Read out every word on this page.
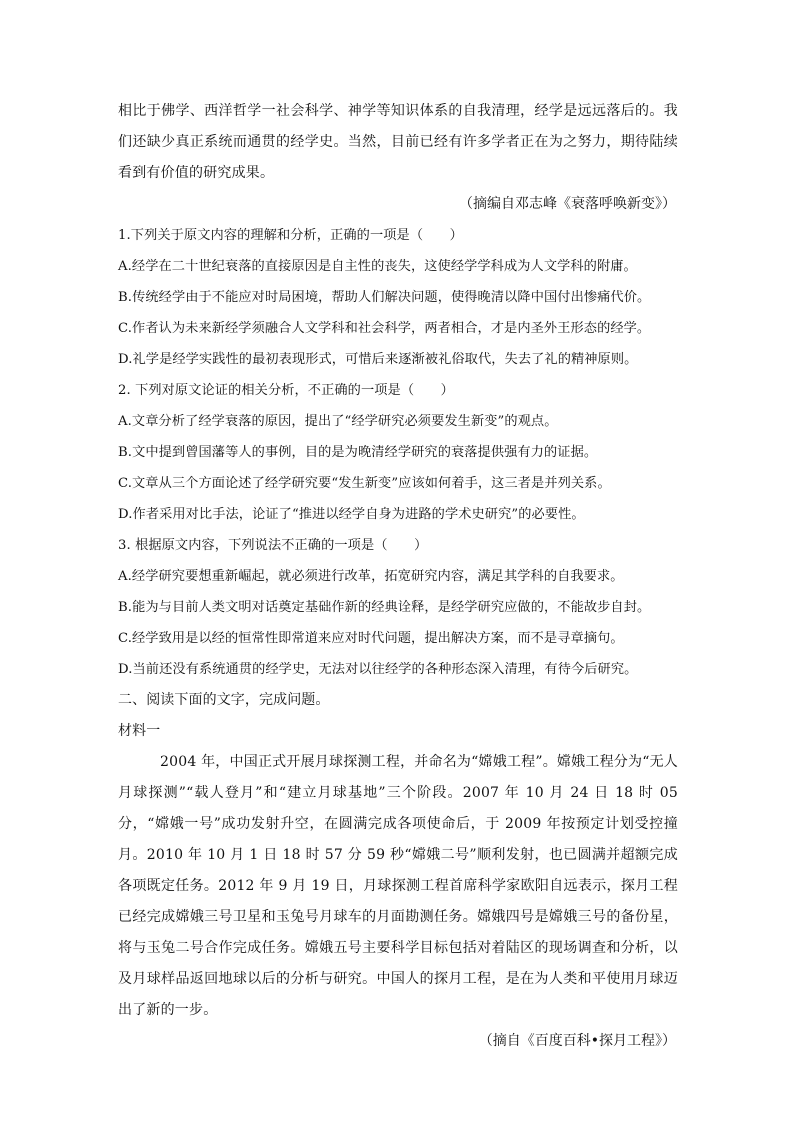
相比于佛学、西洋哲学一社会科学、神学等知识体系的自我清理，经学是远远落后的。我们还缺少真正系统而通贯的经学史。当然，目前已经有许多学者正在为之努力，期待陆续看到有价值的研究成果。

（摘编自邓志峰《衰落呼唤新变》）

1.下列关于原文内容的理解和分析，正确的一项是（　　）

A.经学在二十世纪衰落的直接原因是自主性的丧失，这使经学学科成为人文学科的附庸。

B.传统经学由于不能应对时局困境，帮助人们解决问题，使得晚清以降中国付出惨痛代价。

C.作者认为未来新经学须融合人文学科和社会科学，两者相合，才是内圣外王形态的经学。

D.礼学是经学实践性的最初表现形式，可惜后来逐渐被礼俗取代，失去了礼的精神原则。

2. 下列对原文论证的相关分析，不正确的一项是（　　）

A.文章分析了经学衰落的原因，提出了“经学研究必须要发生新变”的观点。

B.文中提到曾国藩等人的事例，目的是为晚清经学研究的衰落提供强有力的证据。

C.文章从三个方面论述了经学研究要“发生新变”应该如何着手，这三者是并列关系。

D.作者采用对比手法，论证了“推进以经学自身为进路的学术史研究”的必要性。

3. 根据原文内容，下列说法不正确的一项是（　　）

A.经学研究要想重新崛起，就必须进行改革，拓宽研究内容，满足其学科的自我要求。

B.能为与目前人类文明对话奠定基础作新的经典诠释，是经学研究应做的，不能故步自封。

C.经学致用是以经的恒常性即常道来应对时代问题，提出解决方案，而不是寻章摘句。

D.当前还没有系统通贯的经学史，无法对以往经学的各种形态深入清理，有待今后研究。

二、阅读下面的文字，完成问题。

材料一

2004 年，中国正式开展月球探测工程，并命名为“嫦娥工程”。嫦娥工程分为“无人月球探测”“载人登月”和“建立月球基地”三个阶段。2007 年 10 月 24 日 18 时 05 分，“嫦娥一号”成功发射升空，在圆满完成各项使命后，于 2009 年按预定计划受控撞月。2010 年 10 月 1 日 18 时 57 分 59 秒“嫦娥二号”顺利发射，也已圆满并超额完成各项既定任务。2012 年 9 月 19 日，月球探测工程首席科学家欧阳自远表示，探月工程已经完成嫦娥三号卫星和玉兔号月球车的月面勘测任务。嫦娥四号是嫦娥三号的备份星，将与玉兔二号合作完成任务。嫦娥五号主要科学目标包括对着陆区的现场调查和分析，以及月球样品返回地球以后的分析与研究。中国人的探月工程，是在为人类和平使用月球迈出了新的一步。

（摘自《百度百科•探月工程》）
